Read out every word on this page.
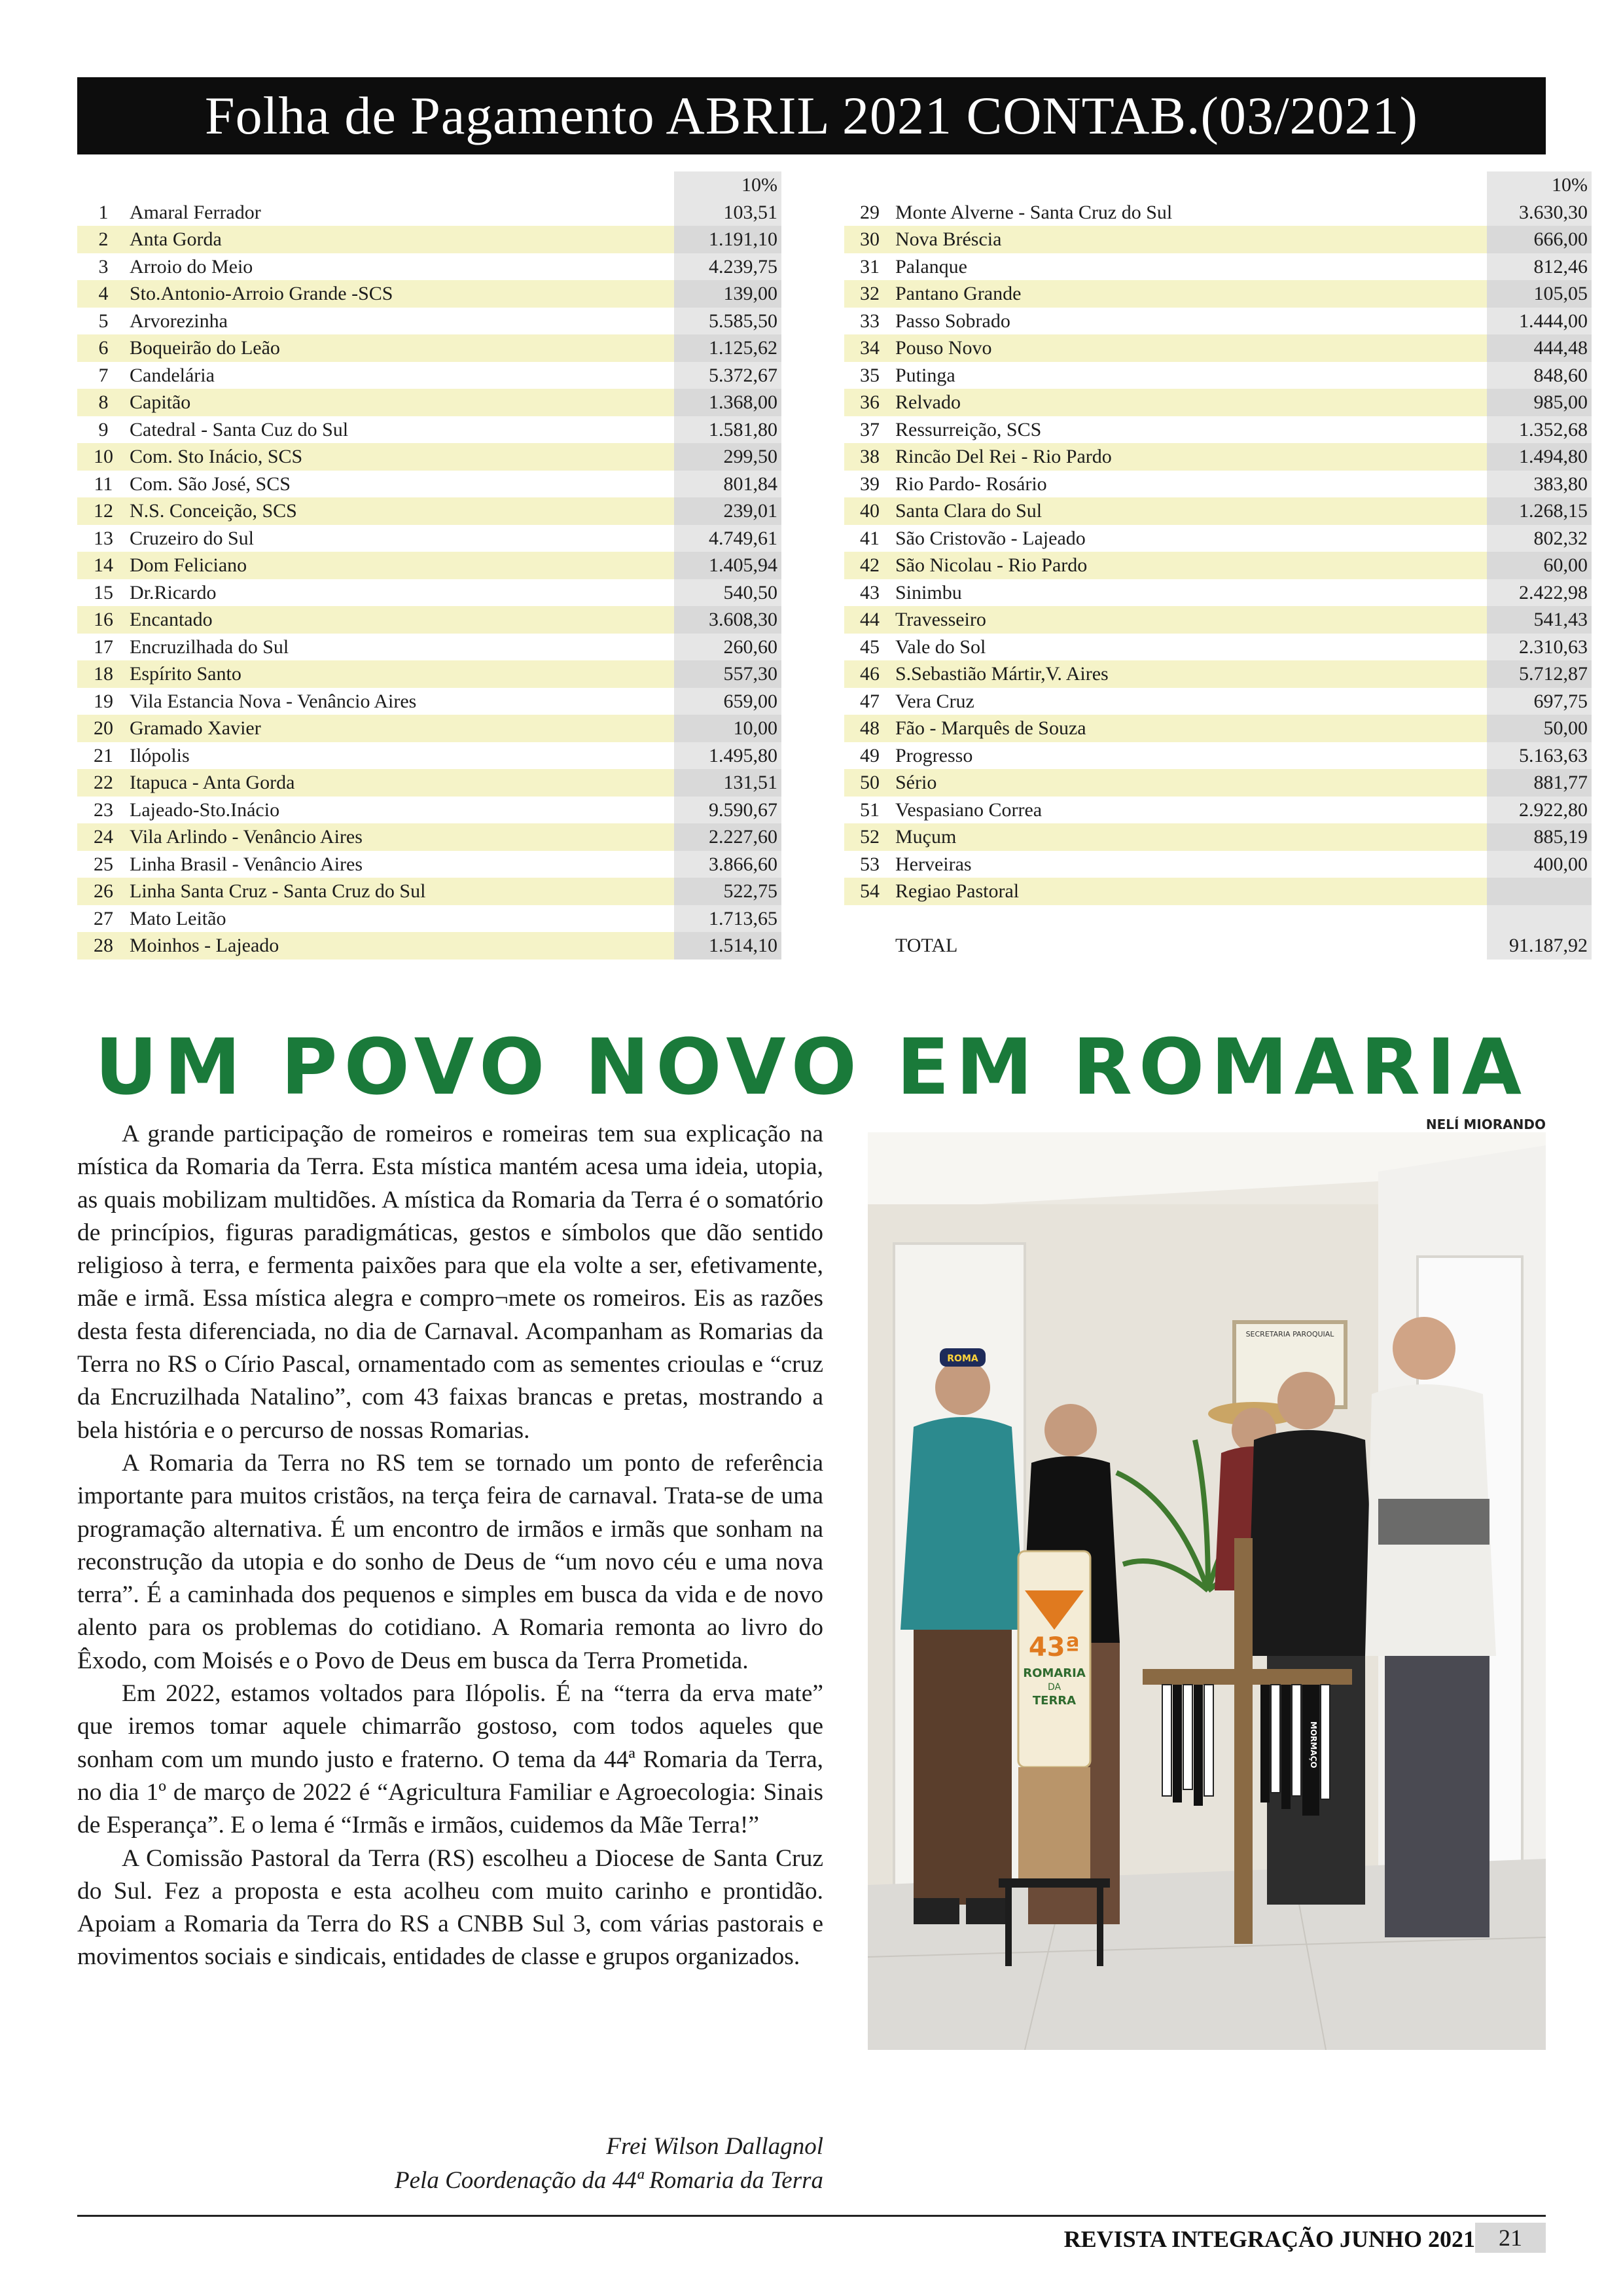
Folha de Pagamento ABRIL 2021 CONTAB.(03/2021)
		10%
1	Amaral Ferrador	103,51
2	Anta Gorda	1.191,10
3	Arroio do Meio	4.239,75
4	Sto.Antonio-Arroio Grande -SCS	139,00
5	Arvorezinha	5.585,50
6	Boqueirão do Leão	1.125,62
7	Candelária	5.372,67
8	Capitão	1.368,00
9	Catedral - Santa Cuz do Sul	1.581,80
10	Com. Sto Inácio, SCS	299,50
11	Com. São José, SCS	801,84
12	N.S. Conceição, SCS	239,01
13	Cruzeiro do Sul	4.749,61
14	Dom Feliciano	1.405,94
15	Dr.Ricardo	540,50
16	Encantado	3.608,30
17	Encruzilhada do Sul	260,60
18	Espírito Santo	557,30
19	Vila Estancia Nova - Venâncio Aires	659,00
20	Gramado Xavier	10,00
21	Ilópolis	1.495,80
22	Itapuca - Anta Gorda	131,51
23	Lajeado-Sto.Inácio	9.590,67
24	Vila Arlindo - Venâncio Aires	2.227,60
25	Linha Brasil - Venâncio Aires	3.866,60
26	Linha Santa Cruz - Santa Cruz do Sul	522,75
27	Mato Leitão	1.713,65
28	Moinhos - Lajeado	1.514,10
		10%
29	Monte Alverne - Santa Cruz do Sul	3.630,30
30	Nova Bréscia	666,00
31	Palanque	812,46
32	Pantano Grande	105,05
33	Passo Sobrado	1.444,00
34	Pouso Novo	444,48
35	Putinga	848,60
36	Relvado	985,00
37	Ressurreição, SCS	1.352,68
38	Rincão Del Rei - Rio Pardo	1.494,80
39	Rio Pardo- Rosário	383,80
40	Santa Clara do Sul	1.268,15
41	São Cristovão - Lajeado	802,32
42	São Nicolau - Rio Pardo	60,00
43	Sinimbu	2.422,98
44	Travesseiro	541,43
45	Vale do Sol	2.310,63
46	S.Sebastião Mártir,V. Aires	5.712,87
47	Vera Cruz	697,75
48	Fão - Marquês de Souza	50,00
49	Progresso	5.163,63
50	Sério	881,77
51	Vespasiano Correa	2.922,80
52	Muçum	885,19
53	Herveiras	400,00
54	Regiao Pastoral	

	TOTAL	91.187,92
UM POVO NOVO EM ROMARIA
NELÍ MIORANDO

A grande participação de romeiros e romeiras tem sua explicação na mística da Romaria da Terra. Esta mística mantém acesa uma ideia, utopia, as quais mobilizam multidões. A mística da Romaria da Terra é o somatório de princípios, figuras paradigmáticas, gestos e símbolos que dão sentido religioso à terra, e fermenta paixões para que ela volte a ser, efetivamente, mãe e irmã. Essa mística alegra e compro¬mete os romeiros. Eis as razões desta festa diferenciada, no dia de Carnaval. Acompanham as Romarias da Terra no RS o Círio Pascal, ornamentado com as sementes crioulas e “cruz da Encruzilhada Natalino”, com 43 faixas brancas e pretas, mostrando a bela história e o percurso de nossas Romarias.

A Romaria da Terra no RS tem se tornado um ponto de referência importante para muitos cristãos, na terça feira de carnaval. Trata-se de uma programação alternativa. É um encontro de irmãos e irmãs que sonham na reconstrução da utopia e do sonho de Deus de “um novo céu e uma nova terra”. É a caminhada dos pequenos e simples em busca da vida e de novo alento para os problemas do cotidiano. A Romaria remonta ao livro do Êxodo, com Moisés e o Povo de Deus em busca da Terra Prometida.

Em 2022, estamos voltados para Ilópolis. É na “terra da erva mate” que iremos tomar aquele chimarrão gostoso, com todos aqueles que sonham com um mundo justo e fraterno. O tema da 44ª Romaria da Terra, no dia 1º de março de 2022 é “Agricultura Familiar e Agroecologia: Sinais de Esperança”. E o lema é “Irmãs e irmãos, cuidemos da Mãe Terra!”

A Comissão Pastoral da Terra (RS) escolheu a Diocese de Santa Cruz do Sul. Fez a proposta e esta acolheu com muito carinho e prontidão. Apoiam a Romaria da Terra do RS a CNBB Sul 3, com várias pastorais e movimentos sociais e sindicais, entidades de classe e grupos organizados.

Frei Wilson Dallagnol
Pela Coordenação da 44ª Romaria da Terra
SECRETARIA PAROQUIAL
ROMA
43ª
ROMARIA
DA
TERRA
MORMAÇO
REVISTA INTEGRAÇÃO JUNHO 2021	21
